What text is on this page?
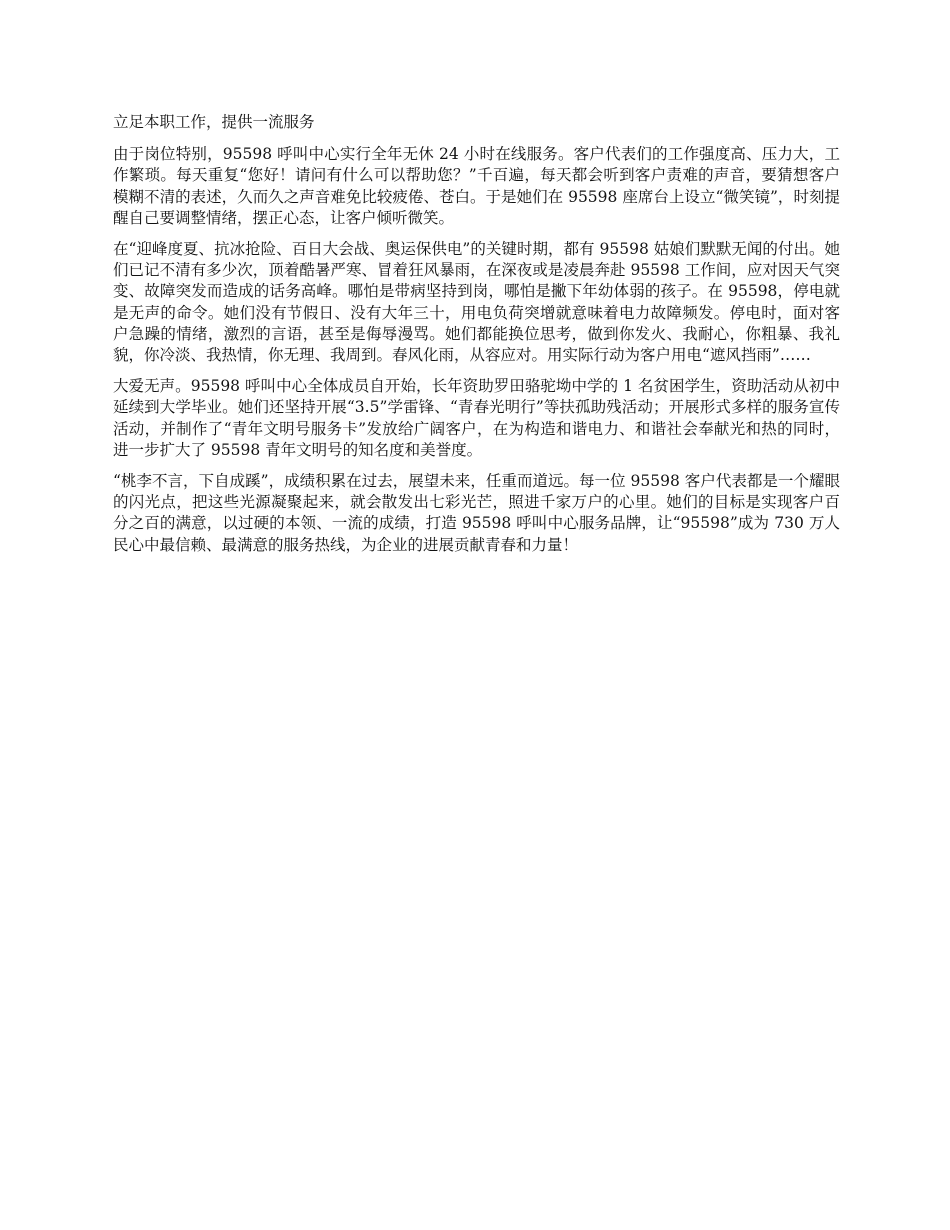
立足本职工作，提供一流服务

由于岗位特别，95598 呼叫中心实行全年无休 24 小时在线服务。客户代表们的工作强度高、压力大，工作繁琐。每天重复“您好！请问有什么可以帮助您？”千百遍，每天都会听到客户责难的声音，要猜想客户模糊不清的表述，久而久之声音难免比较疲倦、苍白。于是她们在 95598 座席台上设立“微笑镜”，时刻提醒自己要调整情绪，摆正心态，让客户倾听微笑。

在“迎峰度夏、抗冰抢险、百日大会战、奥运保供电”的关键时期，都有 95598 姑娘们默默无闻的付出。她们已记不清有多少次，顶着酷暑严寒、冒着狂风暴雨，在深夜或是凌晨奔赴 95598 工作间，应对因天气突变、故障突发而造成的话务高峰。哪怕是带病坚持到岗，哪怕是撇下年幼体弱的孩子。在 95598，停电就是无声的命令。她们没有节假日、没有大年三十，用电负荷突增就意味着电力故障频发。停电时，面对客户急躁的情绪，激烈的言语，甚至是侮辱漫骂。她们都能换位思考，做到你发火、我耐心，你粗暴、我礼貌，你冷淡、我热情，你无理、我周到。春风化雨，从容应对。用实际行动为客户用电“遮风挡雨”……

大爱无声。95598 呼叫中心全体成员自开始，长年资助罗田骆驼坳中学的 1 名贫困学生，资助活动从初中延续到大学毕业。她们还坚持开展“3.5”学雷锋、“青春光明行”等扶孤助残活动；开展形式多样的服务宣传活动，并制作了“青年文明号服务卡”发放给广阔客户，在为构造和谐电力、和谐社会奉献光和热的同时，进一步扩大了 95598 青年文明号的知名度和美誉度。

“桃李不言，下自成蹊”，成绩积累在过去，展望未来，任重而道远。每一位 95598 客户代表都是一个耀眼的闪光点，把这些光源凝聚起来，就会散发出七彩光芒，照进千家万户的心里。她们的目标是实现客户百分之百的满意，以过硬的本领、一流的成绩，打造 95598 呼叫中心服务品牌，让“95598”成为 730 万人民心中最信赖、最满意的服务热线，为企业的进展贡献青春和力量！
